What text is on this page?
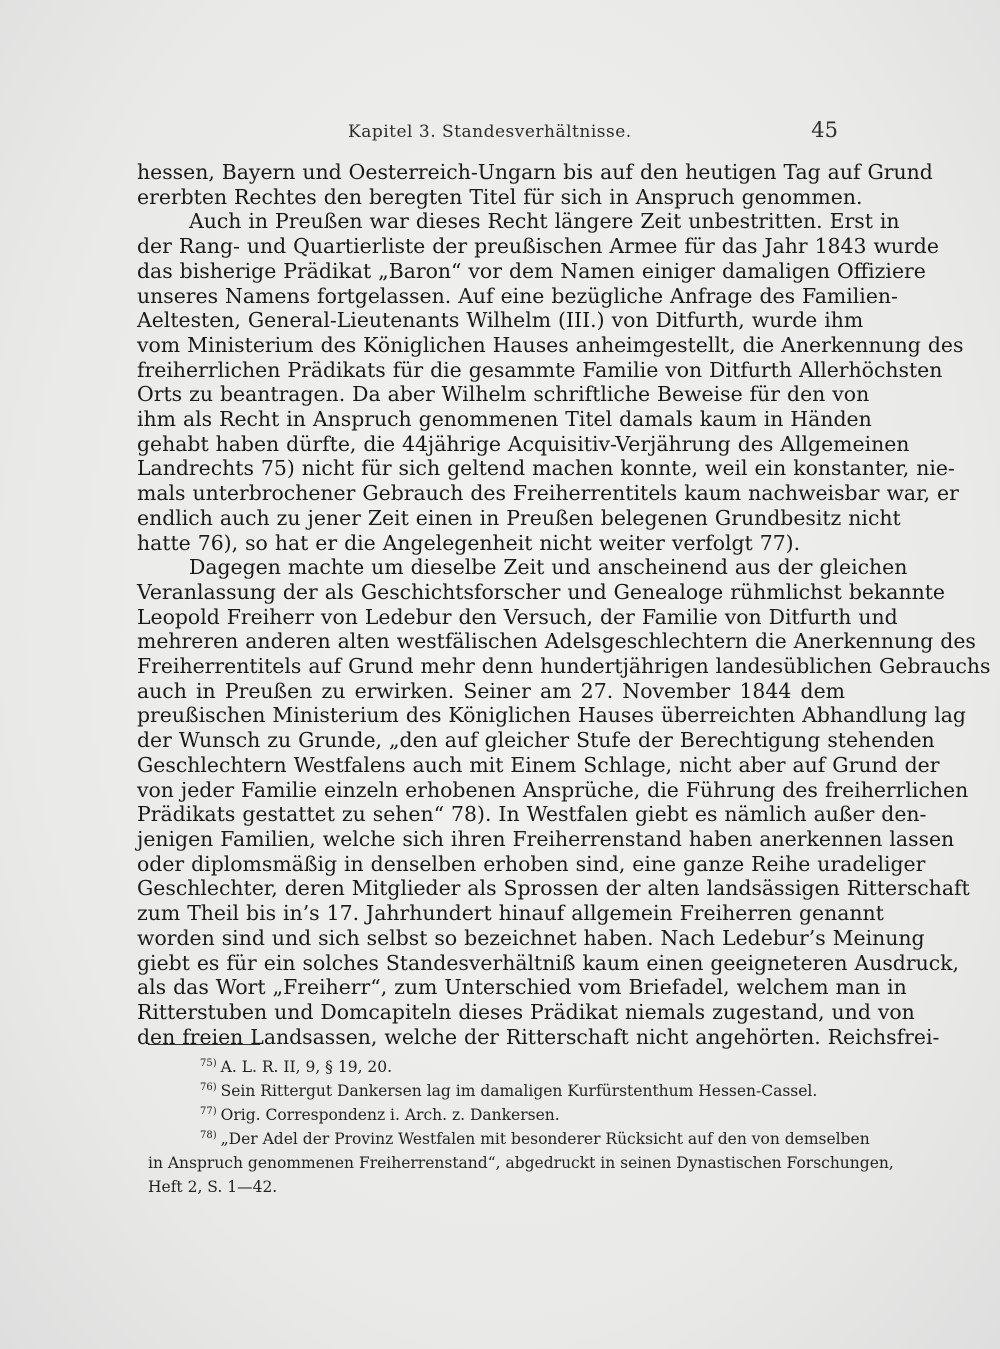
Kapitel 3. Standesverhältnisse.	45

hessen, Bayern und Oesterreich-Ungarn bis auf den heutigen Tag auf Grund
ererbten Rechtes den beregten Titel für sich in Anspruch genommen.

Auch in Preußen war dieses Recht längere Zeit unbestritten. Erst in
der Rang- und Quartierliste der preußischen Armee für das Jahr 1843 wurde
das bisherige Prädikat „Baron“ vor dem Namen einiger damaligen Offiziere
unseres Namens fortgelassen. Auf eine bezügliche Anfrage des Familien-
Aeltesten, General-Lieutenants Wilhelm (III.) von Ditfurth, wurde ihm
vom Ministerium des Königlichen Hauses anheimgestellt, die Anerkennung des
freiherrlichen Prädikats für die gesammte Familie von Ditfurth Allerhöchsten
Orts zu beantragen. Da aber Wilhelm schriftliche Beweise für den von
ihm als Recht in Anspruch genommenen Titel damals kaum in Händen
gehabt haben dürfte, die 44jährige Acquisitiv-Verjährung des Allgemeinen
Landrechts 75) nicht für sich geltend machen konnte, weil ein konstanter, nie-
mals unterbrochener Gebrauch des Freiherrentitels kaum nachweisbar war, er
endlich auch zu jener Zeit einen in Preußen belegenen Grundbesitz nicht
hatte 76), so hat er die Angelegenheit nicht weiter verfolgt 77).

Dagegen machte um dieselbe Zeit und anscheinend aus der gleichen
Veranlassung der als Geschichtsforscher und Genealoge rühmlichst bekannte
Leopold Freiherr von Ledebur den Versuch, der Familie von Ditfurth und
mehreren anderen alten westfälischen Adelsgeschlechtern die Anerkennung des
Freiherrentitels auf Grund mehr denn hundertjährigen landesüblichen Gebrauchs
auch in Preußen zu erwirken. Seiner am 27. November 1844 dem
preußischen Ministerium des Königlichen Hauses überreichten Abhandlung lag
der Wunsch zu Grunde, „den auf gleicher Stufe der Berechtigung stehenden
Geschlechtern Westfalens auch mit Einem Schlage, nicht aber auf Grund der
von jeder Familie einzeln erhobenen Ansprüche, die Führung des freiherrlichen
Prädikats gestattet zu sehen“ 78). In Westfalen giebt es nämlich außer den-
jenigen Familien, welche sich ihren Freiherrenstand haben anerkennen lassen
oder diplomsmäßig in denselben erhoben sind, eine ganze Reihe uradeliger
Geschlechter, deren Mitglieder als Sprossen der alten landsässigen Ritterschaft
zum Theil bis in’s 17. Jahrhundert hinauf allgemein Freiherren genannt
worden sind und sich selbst so bezeichnet haben. Nach Ledebur’s Meinung
giebt es für ein solches Standesverhältniß kaum einen geeigneteren Ausdruck,
als das Wort „Freiherr“, zum Unterschied vom Briefadel, welchem man in
Ritterstuben und Domcapiteln dieses Prädikat niemals zugestand, und von
den freien Landsassen, welche der Ritterschaft nicht angehörten. Reichsfrei-

$^{75)}$ A. L. R. II, 9, § 19, 20.
$^{76)}$ Sein Rittergut Dankersen lag im damaligen Kurfürstenthum Hessen-Cassel.
$^{77)}$ Orig. Correspondenz i. Arch. z. Dankersen.
$^{78)}$ „Der Adel der Provinz Westfalen mit besonderer Rücksicht auf den von demselben
in Anspruch genommenen Freiherrenstand“, abgedruckt in seinen Dynastischen Forschungen,
Heft 2, S. 1—42.
